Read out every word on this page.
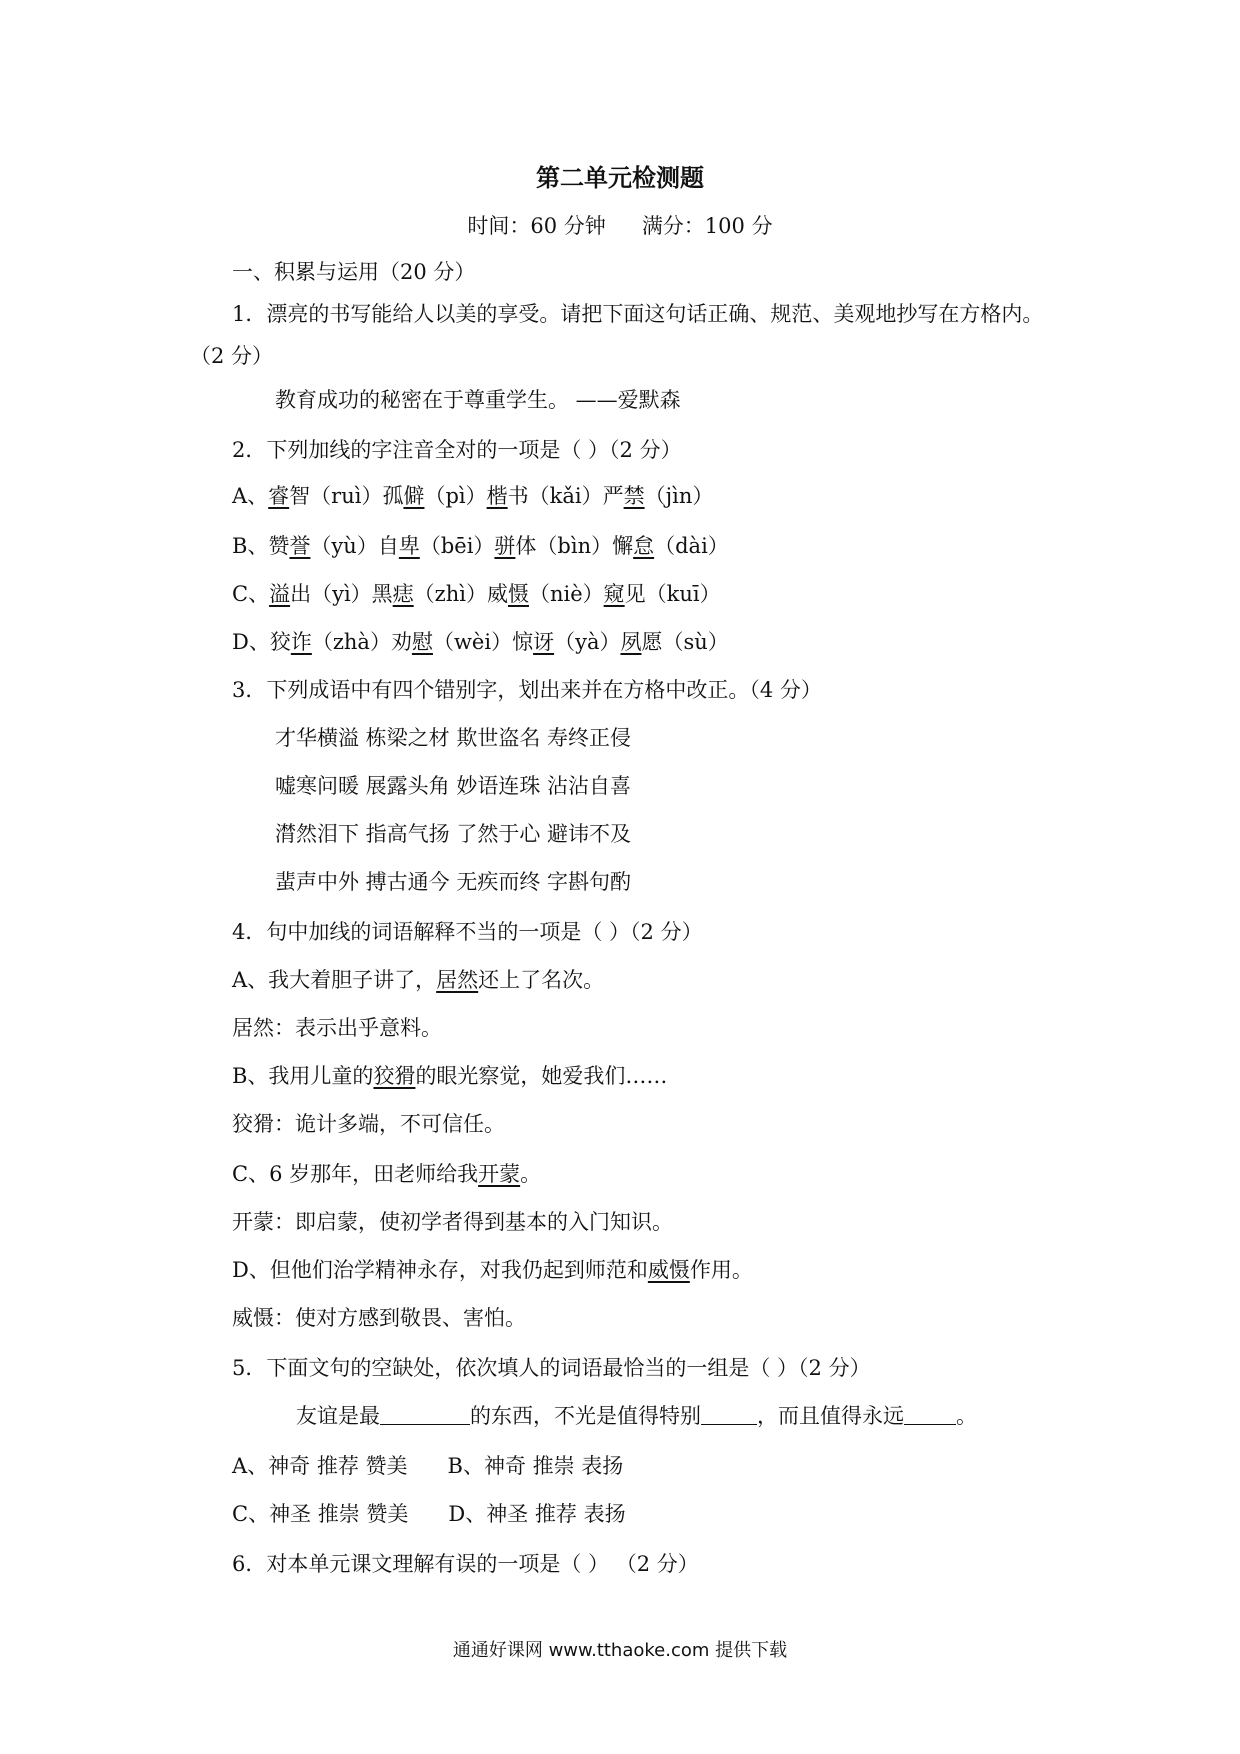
第二单元检测题
时间：60 分钟 满分：100 分
一、积累与运用（20 分）
1．漂亮的书写能给人以美的享受。请把下面这句话正确、规范、美观地抄写在方格内。
（2 分）
教育成功的秘密在于尊重学生。 ——爱默森
2．下列加线的字注音全对的一项是（ ）（2 分）
A、睿智（ruì）孤僻（pì）楷书（kǎi）严禁（jìn）
B、赞誉（yù）自卑（bēi）骈体（bìn）懈怠（dài）
C、溢出（yì）黑痣（zhì）威慑（niè）窥见（kuī）
D、狡诈（zhà）劝慰（wèi）惊讶（yà）夙愿（sù）
3．下列成语中有四个错别字，划出来并在方格中改正。（4 分）
才华横溢 栋梁之材 欺世盗名 寿终正侵
嘘寒问暖 展露头角 妙语连珠 沾沾自喜
潸然泪下 指高气扬 了然于心 避讳不及
蜚声中外 搏古通今 无疾而终 字斟句酌
4．句中加线的词语解释不当的一项是（ ）（2 分）
A、我大着胆子讲了，居然还上了名次。
居然：表示出乎意料。
B、我用儿童的狡猾的眼光察觉，她爱我们……
狡猾：诡计多端，不可信任。
C、6 岁那年，田老师给我开蒙。
开蒙：即启蒙，使初学者得到基本的入门知识。
D、但他们治学精神永存，对我仍起到师范和威慑作用。
威慑：使对方感到敬畏、害怕。
5．下面文句的空缺处，依次填人的词语最恰当的一组是（ ）（2 分）
友谊是最	的东西，不光是值得特别	，而且值得永远 。
A、神奇 推荐 赞美 B、神奇 推崇 表扬
C、神圣 推崇 赞美 D、神圣 推荐 表扬
6．对本单元课文理解有误的一项是（ ） （2 分）
通通好课网 www.tthaoke.com 提供下载
